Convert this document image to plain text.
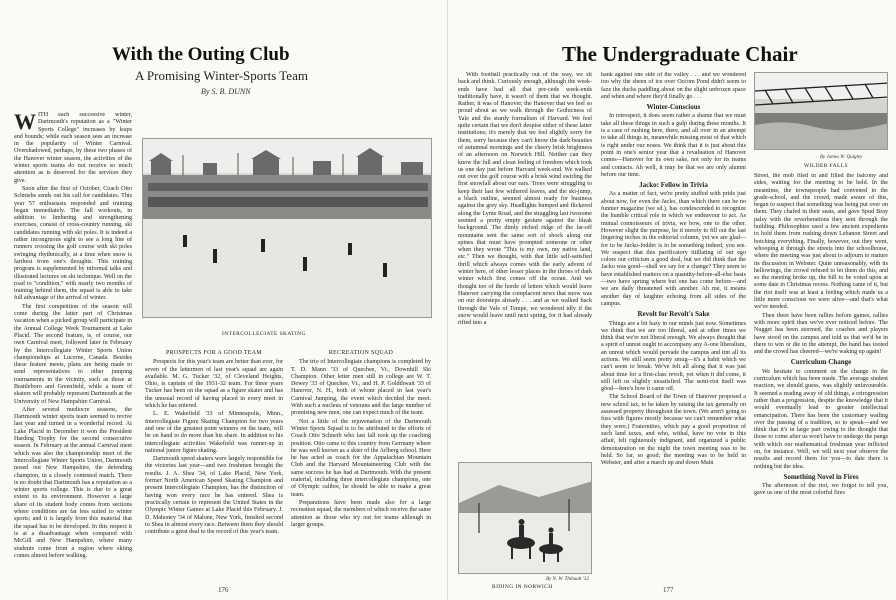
With the Outing Club
A Promising Winter-Sports Team
By S. B. DUNN

WITH each successive winter, Dartmouth's reputation as a "Winter Sports College" increases by leaps and bounds; while each season sees an increase in the popularity of Winter Carnival. Overshadowed, perhaps, by these two phases of the Hanover winter season, the activities of the winter sports teams do not receive so much attention as is deserved for the services they give.

Soon after the first of October, Coach Otto Schniebs sends out his call for candidates. This year 57 enthusiasts responded and training began immediately. The fall workouts, in addition to limbering and strengthening exercises, consist of cross-country running, ski candidates running with ski poles. It is indeed a rather incongruous sight to see a long line of runners crossing the golf course with ski poles swinging rhythmically, at a time when snow is farthest from one's thoughts. This training program is supplemented by informal talks and illustrated lectures on ski technique. Well on the road to "condition," with nearly two months of training behind them, the squad is able to take full advantage of the arrival of winter.

The first competition of the season will come during the latter part of Christmas vacation when a picked group will participate in the Annual College Week Tournament at Lake Placid. The second feature, is, of course, our own Carnival meet, followed later in February by the Intercollegiate Winter Sports Union championships at Lucerne, Canada. Besides these feature meets, plans are being made to send representatives to other jumping tournaments in the vicinity, such as those at Brattleboro and Greenfield, while a team of skaters will probably represent Dartmouth at the University of New Hampshire Carnival.

After several mediocre seasons, the Dartmouth winter sports team seemed to revive last year and turned in a wonderful record. At Lake Placid in December it won the President Harding Trophy for the second consecutive season. In February at the annual Carnival meet which was also the championship meet of the Intercollegiate Winter Sports Union, Dartmouth nosed out New Hampshire, the defending champion, in a closely contested match. There is no doubt that Dartmouth has a reputation as a winter sports college. This is due to a great extent to its environment. However a large share of its student body comes from sections where conditions are far less suited to winter sports; and it is largely from this material that the squad has to be developed. In this respect it is at a disadvantage when compared with McGill and New Hampshire, where many students come from a region where skiing comes almost before walking.

INTERCOLLEGIATE SKATING

PROSPECTS FOR A GOOD TEAM

Prospects for this year's team are better than ever, for seven of the lettermen of last year's squad are again available. M. G. Tucker '32, of Cleveland Heights, Ohio, is captain of the 1931-32 team. For three years Tucker has been on the squad as a figure skater and has the unusual record of having placed in every meet in which he has entered.

L. E. Wakefield '33 of Minneapolis, Minn., Intercollegiate Figure Skating Champion for two years and one of the greatest point winners on the team, will be on hand to do more than his share. In addition to his intercollegiate activities Wakefield was runner-up in national junior figure skating.

Dartmouth speed skaters were largely responsible for the victories last year—and two freshmen brought the results. J. A. Shea '34, of Lake Placid, New York, former North American Speed Skating Champion and present Intercollegiate Champion, has the distinction of having won every race he has entered. Shea is practically certain to represent the United States in the Olympic Winter Games at Lake Placid this February. J. D. Mahoney '34 of Malone, New York, finished second to Shea in almost every race. Between them they should contribute a great deal to the record of this year's team.

RECREATION SQUAD

The trio of Intercollegiate champions is completed by T. D. Mann '33 of Quechee, Vt., Downhill Ski Champion. Other letter men still in college are W. T. Dewey '33 of Quechee, Vt., and H. P. Goldthwait '33 of Hanover, N. H., both of whom placed in last year's Carnival Jumping, the event which decided the meet. With such a nucleus of veterans and the large number of promising new men, one can expect much of the team.

Not a little of the rejuvenation of the Dartmouth Winter Sports Squad is to be attributed to the efforts of Coach Otto Schneib who last fall took up the coaching position. Otto came to this country from Germany where he was well known as a skier of the Arlberg school. Here he has acted as coach for the Appalachian Mountain Club and the Harvard Mountaineering Club with the same success he has had at Dartmouth. With the present material, including three intercollegiate champions, one of Olympic calibre, he should be able to make a great team.

Preparations have been made also for a large recreation squad, the members of which receive the same attention as those who try out for teams although in larger groups.

176
The Undergraduate Chair

With football practically out of the way, we sit back and think. Curiously enough, although the week-ends have had all that pre-cede week-ends traditionally have, it wasn't of them that we thought. Rather, it was of Hanover, the Hanover that we feel so proud about as we walk through the Gothicness of Yale and the sturdy formalism of Harvard. We feel quite certain that we don't despise either of these latter institutions; it's merely that we feel slightly sorry for them, sorry because they can't know the dark beauties of autumnal mornings and the cheery brisk brightness of an afternoon on Norwich Hill. Neither can they know the full and clean feeling of freedom which took us one day just before Harvard week-end. We walked out over the golf course with a brisk wind swirling the first snowfall about our ears. Trees were struggling to keep their last few withered leaves, and the ski-jump, a black outline, seemed almost ready for business against the grey sky. Headlights bumped and flickered along the Lyme Road, and the straggling last twosome seemed a pretty empty gesture against the bleak background. The dimly etched ridge of the far-off mountains sent the same sort of shock along our spines that must have prompted someone or other when they wrote "This is my own, my native land, etc." Then we thought, with that little self-satisfied thrill which always comes with the early advent of winter here, of other lesser places in the throes of dark winter which first comes off the ocean. And we thought too of the horde of letters which would leave Hanover carrying the complacent news that snow was on our doorsteps already . . . and as we walked back through the Vale of Tempe, we wondered idly if the snow would leave until next spring, for it had already rifted into a

By N. W. Thibault '32
RIDING IN NORWICH

bank against one side of the valley . . . and we wondered too why the sheen of ice over Occom Pond didn't seem to faze the ducks paddling about on the slight unfrozen space and when and where they'd finally go . . .

Winter-Conscious

In retrospect, it does seem rather a shame that we must take all these things in such a gulp during these months. It is a case of rushing here, there, and all over in an attempt to take all things in, meanwhile missing most of that which is right under our noses. We think that it is just about this point in one's senior year that a revaluation of Hanover comes—Hanover for its own sake, not only for its teams and contacts. Ah well, it may be that we are only alumni before our time.

Jacko: Fellow in Trivia

As a matter of fact, we're pretty stuffed with pride just about now, for even the Jacko, than which there can be no funnier magazine (we sd.), has condescended to recognize the humble critical role in which we endeavour to act. As mutual connoisseurs of trivia, we bow, one to the other. However slight the purpose, be it merely to fill out the last lingering inches in the editorial column, yet we are glad—for to be Jacko-fodder is to be something indeed, you see. We suspect that this pacificatory titillating of our ego colors our criticism a good deal, but we did think that the Jacko was good—shall we say for a change? They seem to have established matters on a quantity-before-all-else basis—two have sprung where but one has come before—and we are daily threatened with another. Ah me, it means another day of laughter echoing from all sides of the campus.

Revolt for Revolt's Sake

Things are a bit hazy in our minds just now. Sometimes we think that we are too liberal, and at other times we think that we're not liberal enough. We always thought that a spirit of unrest ought to accompany any A-one liberalism, an unrest which would pervade the campus and tint all its actions. We still seem pretty smug—it's a habit which we can't seem to break. We've felt all along that it was just about time for a first-class revolt, yet when it did come, it still left us slightly unsatisfied. The semi-riot itself was good—here's how it came off.

The School Board of the Town of Hanover proposed a new school tax, to be taken by raising the tax generally on assessed property throughout the town. (We aren't going to fuss with figures mostly because we can't remember what they were.) Fraternities, which pay a good proportion of such land taxes, and who, withal, have no vote in this affair, felt righteously indignant, and organized a public demonstration on the night the town meeting was to be held. So far, so good; the meeting was to be held in Webster, and after a march up and down Main

By James W. Quigley
WILDER FALLS

Street, the mob filed in and filled the balcony and sides, waiting for the meeting to be held. In the meantime, the townspeople had convened in the grade-school, and the crowd, made aware of this, began to suspect that something was being put over on them. They chafed in their seats, and gave Spud Bray palsy with the reverberations they sent through the building. Philosophies used a few ancient expedients to hold them from rushing down Lebanon Street and botching everything. Finally, however, out they went, whooping it through the streets into the schoolhouse, where the meeting was just about to adjourn to mature its discussion in Webster. Quite unreasonably, with its hellowings, the crowd refused to let them do this, and so the meeting broke up, the bill to be voted upon at some date in Christmas recess. Nothing came of it, but the riot itself was at least a feeling which made us a little more conscious we were alive—and that's what we've needed.

Then there have been rallies before games, rallies with more spirit than we've ever noticed before. The Nugget has been stormed, the coaches and players have stood on the campus and told us that we'd be in there to win or die in the attempt, the band has tooted and the crowd has cheered—we're waking up again!

Curriculum Change

We hesitate to comment on the change in the curriculum which has been made. The average student reaction, we should guess, was slightly unfavourable. It seemed a reading away of old things, a retrogression rather than a progression, despite the knowledge that it would eventually lead to greater intellectual emancipation. There has been the customary wailing over the passing of a tradition, so to speak—and we think that it's in large part owing to the thought that those to come after us won't have to undergo the pangs with which our mathematical freshman year inflicted on, for instance. Well, we will next year observe the results and record them for you—to date there is nothing but the idea.

Something Novel in Fires

The afternoon of the riot, we forgot to tell you, gave us one of the most colorful fires

177
